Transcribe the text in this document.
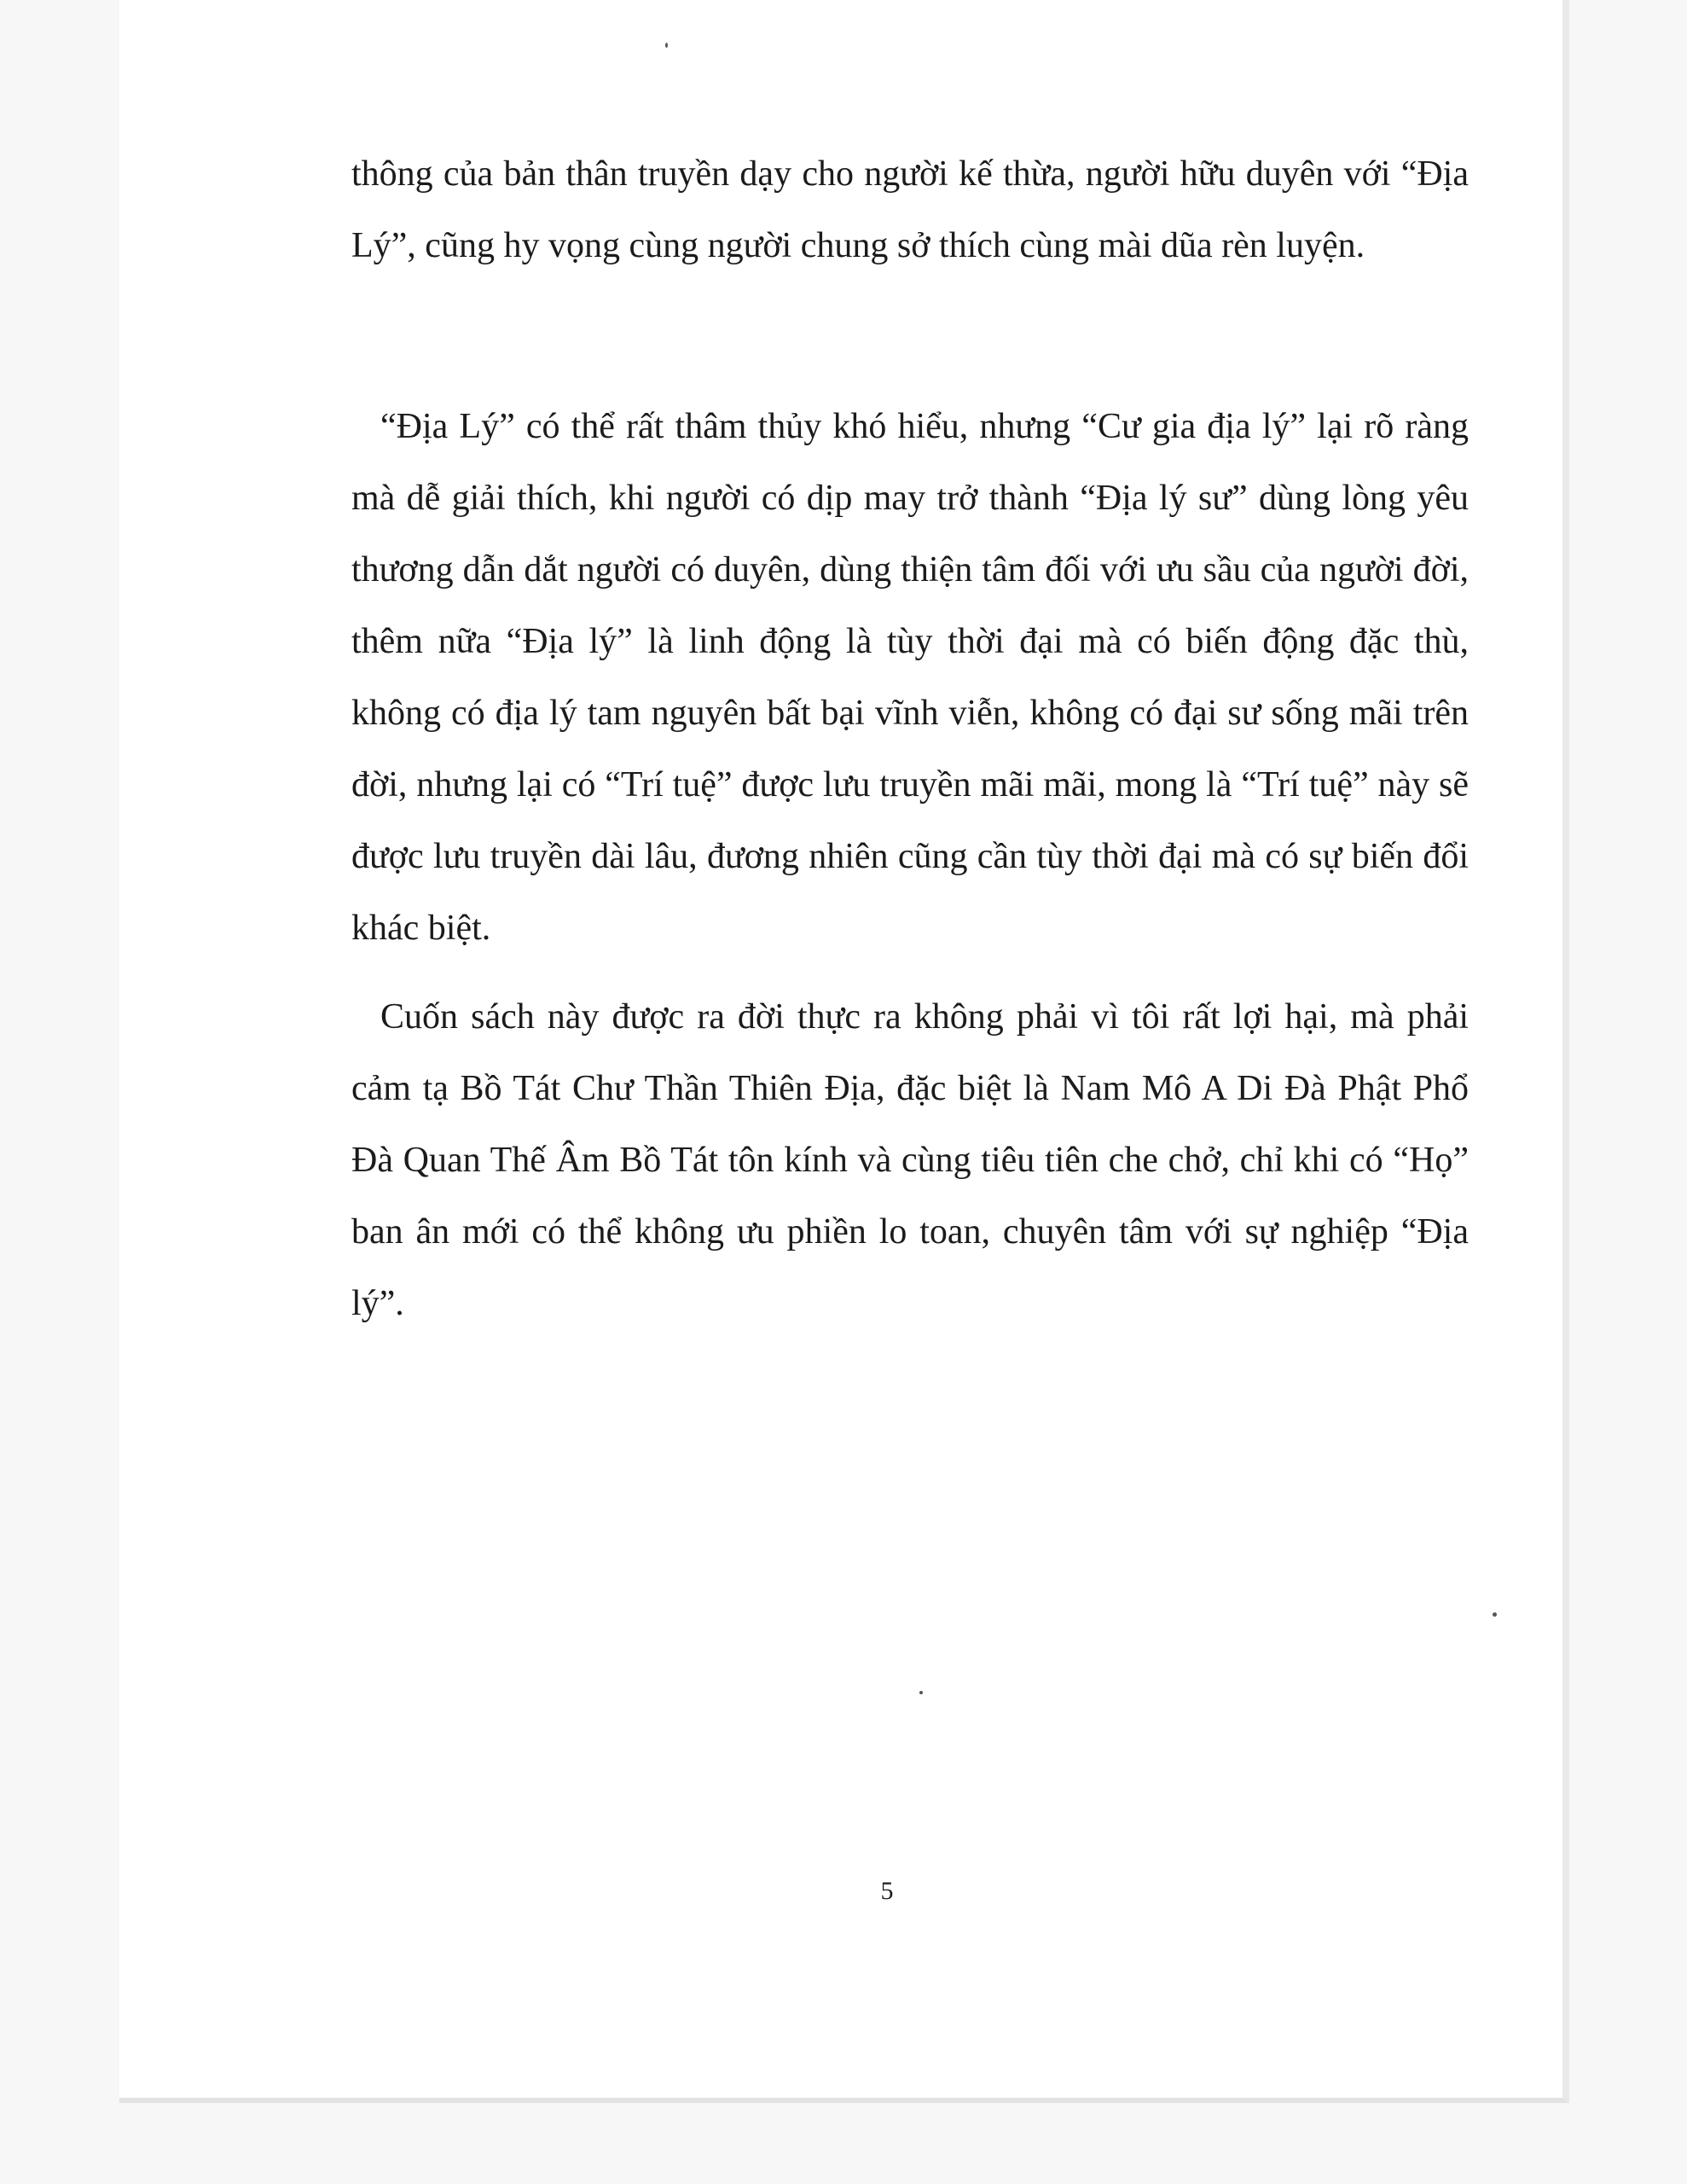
thông của bản thân truyền dạy cho người kế thừa, người hữu duyên với “Địa Lý”, cũng hy vọng cùng người chung sở thích cùng mài dũa rèn luyện.

“Địa Lý” có thể rất thâm thủy khó hiểu, nhưng “Cư gia địa lý” lại rõ ràng mà dễ giải thích, khi người có dịp may trở thành “Địa lý sư” dùng lòng yêu thương dẫn dắt người có duyên, dùng thiện tâm đối với ưu sầu của người đời, thêm nữa “Địa lý” là linh động là tùy thời đại mà có biến động đặc thù, không có địa lý tam nguyên bất bại vĩnh viễn, không có đại sư sống mãi trên đời, nhưng lại có “Trí tuệ” được lưu truyền mãi mãi, mong là “Trí tuệ” này sẽ được lưu truyền dài lâu, đương nhiên cũng cần tùy thời đại mà có sự biến đổi khác biệt.

Cuốn sách này được ra đời thực ra không phải vì tôi rất lợi hại, mà phải cảm tạ Bồ Tát Chư Thần Thiên Địa, đặc biệt là Nam Mô A Di Đà Phật Phổ Đà Quan Thế Âm Bồ Tát tôn kính và cùng tiêu tiên che chở, chỉ khi có “Họ” ban ân mới có thể không ưu phiền lo toan, chuyên tâm với sự nghiệp “Địa lý”.

5
